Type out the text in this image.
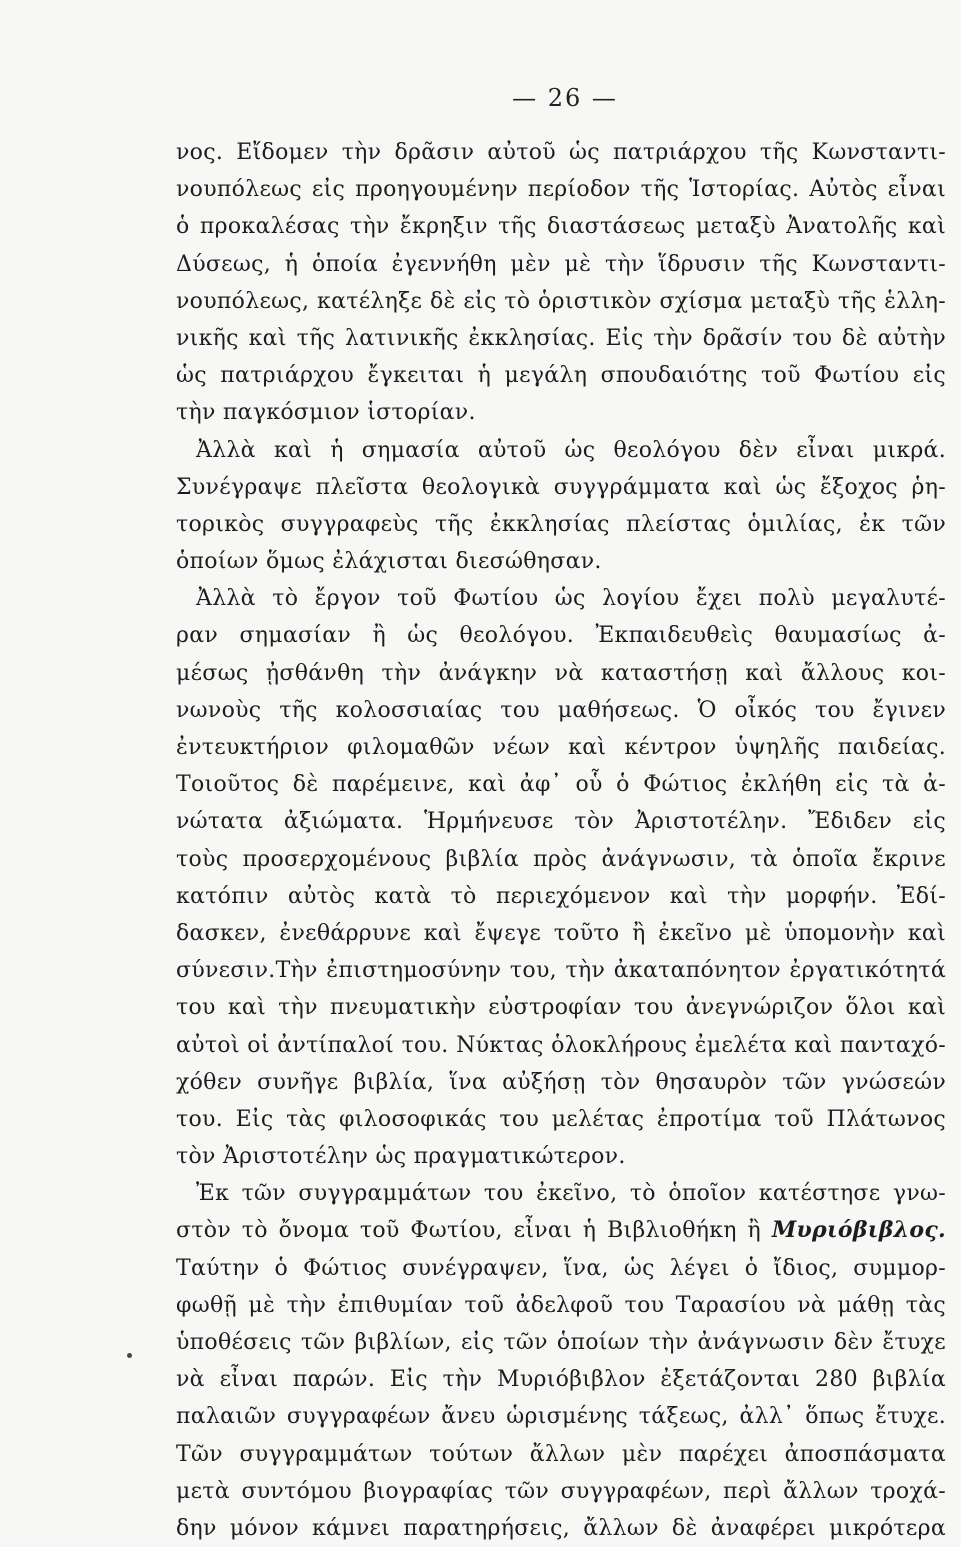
— 26 —
νος. Εἴδομεν τὴν δρᾶσιν αὐτοῦ ὡς πατριάρχου τῆς Κωνσταντι-
νουπόλεως εἰς προηγουμένην περίοδον τῆς Ἱστορίας. Αὐτὸς εἶναι
ὁ προκαλέσας τὴν ἔκρηξιν τῆς διαστάσεως μεταξὺ Ἀνατολῆς καὶ
Δύσεως, ἡ ὁποία ἐγεννήθη μὲν μὲ τὴν ἵδρυσιν τῆς Κωνσταντι-
νουπόλεως, κατέληξε δὲ εἰς τὸ ὁριστικὸν σχίσμα μεταξὺ τῆς ἑλλη-
νικῆς καὶ τῆς λατινικῆς ἐκκλησίας. Εἰς τὴν δρᾶσίν του δὲ αὐτὴν
ὡς πατριάρχου ἔγκειται ἡ μεγάλη σπουδαιότης τοῦ Φωτίου εἰς
τὴν παγκόσμιον ἱστορίαν.
Ἀλλὰ καὶ ἡ σημασία αὐτοῦ ὡς θεολόγου δὲν εἶναι μικρά.
Συνέγραψε πλεῖστα θεολογικὰ συγγράμματα καὶ ὡς ἔξοχος ῥη-
τορικὸς συγγραφεὺς τῆς ἐκκλησίας πλείστας ὁμιλίας, ἐκ τῶν
ὁποίων ὅμως ἐλάχισται διεσώθησαν.
Ἀλλὰ τὸ ἔργον τοῦ Φωτίου ὡς λογίου ἔχει πολὺ μεγαλυτέ-
ραν σημασίαν ἢ ὡς θεολόγου. Ἐκπαιδευθεὶς θαυμασίως ἀ-
μέσως ᾐσθάνθη τὴν ἀνάγκην νὰ καταστήσῃ καὶ ἄλλους κοι-
νωνοὺς τῆς κολοσσιαίας του μαθήσεως. Ὁ οἶκός του ἔγινεν
ἐντευκτήριον φιλομαθῶν νέων καὶ κέντρον ὑψηλῆς παιδείας.
Τοιοῦτος δὲ παρέμεινε, καὶ ἀφ᾽ οὗ ὁ Φώτιος ἐκλήθη εἰς τὰ ἀ-
νώτατα ἀξιώματα. Ἡρμήνευσε τὸν Ἀριστοτέλην. Ἔδιδεν εἰς
τοὺς προσερχομένους βιβλία πρὸς ἀνάγνωσιν, τὰ ὁποῖα ἔκρινε
κατόπιν αὐτὸς κατὰ τὸ περιεχόμενον καὶ τὴν μορφήν. Ἐδί-
δασκεν, ἐνεθάρρυνε καὶ ἔψεγε τοῦτο ἢ ἐκεῖνο μὲ ὑπομονὴν καὶ
σύνεσιν.Τὴν ἐπιστημοσύνην του, τὴν ἀκαταπόνητον ἐργατικότητά
του καὶ τὴν πνευματικὴν εὐστροφίαν του ἀνεγνώριζον ὅλοι καὶ
αὐτοὶ οἱ ἀντίπαλοί του. Νύκτας ὁλοκλήρους ἐμελέτα καὶ πανταχό-
χόθεν συνῆγε βιβλία, ἵνα αὐξήσῃ τὸν θησαυρὸν τῶν γνώσεών
του. Εἰς τὰς φιλοσοφικάς του μελέτας ἐπροτίμα τοῦ Πλάτωνος
τὸν Ἀριστοτέλην ὡς πραγματικώτερον.
Ἐκ τῶν συγγραμμάτων του ἐκεῖνο, τὸ ὁποῖον κατέστησε γνω-
στὸν τὸ ὄνομα τοῦ Φωτίου, εἶναι ἡ Βιβλιοθήκη ἢ Μυριόβιβλος.
Ταύτην ὁ Φώτιος συνέγραψεν, ἵνα, ὡς λέγει ὁ ἴδιος, συμμορ-
φωθῇ μὲ τὴν ἐπιθυμίαν τοῦ ἀδελφοῦ του Ταρασίου νὰ μάθῃ τὰς
ὑποθέσεις τῶν βιβλίων, εἰς τῶν ὁποίων τὴν ἀνάγνωσιν δὲν ἔτυχε
νὰ εἶναι παρών. Εἰς τὴν Μυριόβιβλον ἐξετάζονται 280 βιβλία
παλαιῶν συγγραφέων ἄνευ ὡρισμένης τάξεως, ἀλλ᾽ ὅπως ἔτυχε.
Τῶν συγγραμμάτων τούτων ἄλλων μὲν παρέχει ἀποσπάσματα
μετὰ συντόμου βιογραφίας τῶν συγγραφέων, περὶ ἄλλων τροχά-
δην μόνον κάμνει παρατηρήσεις, ἄλλων δὲ ἀναφέρει μικρότερα
